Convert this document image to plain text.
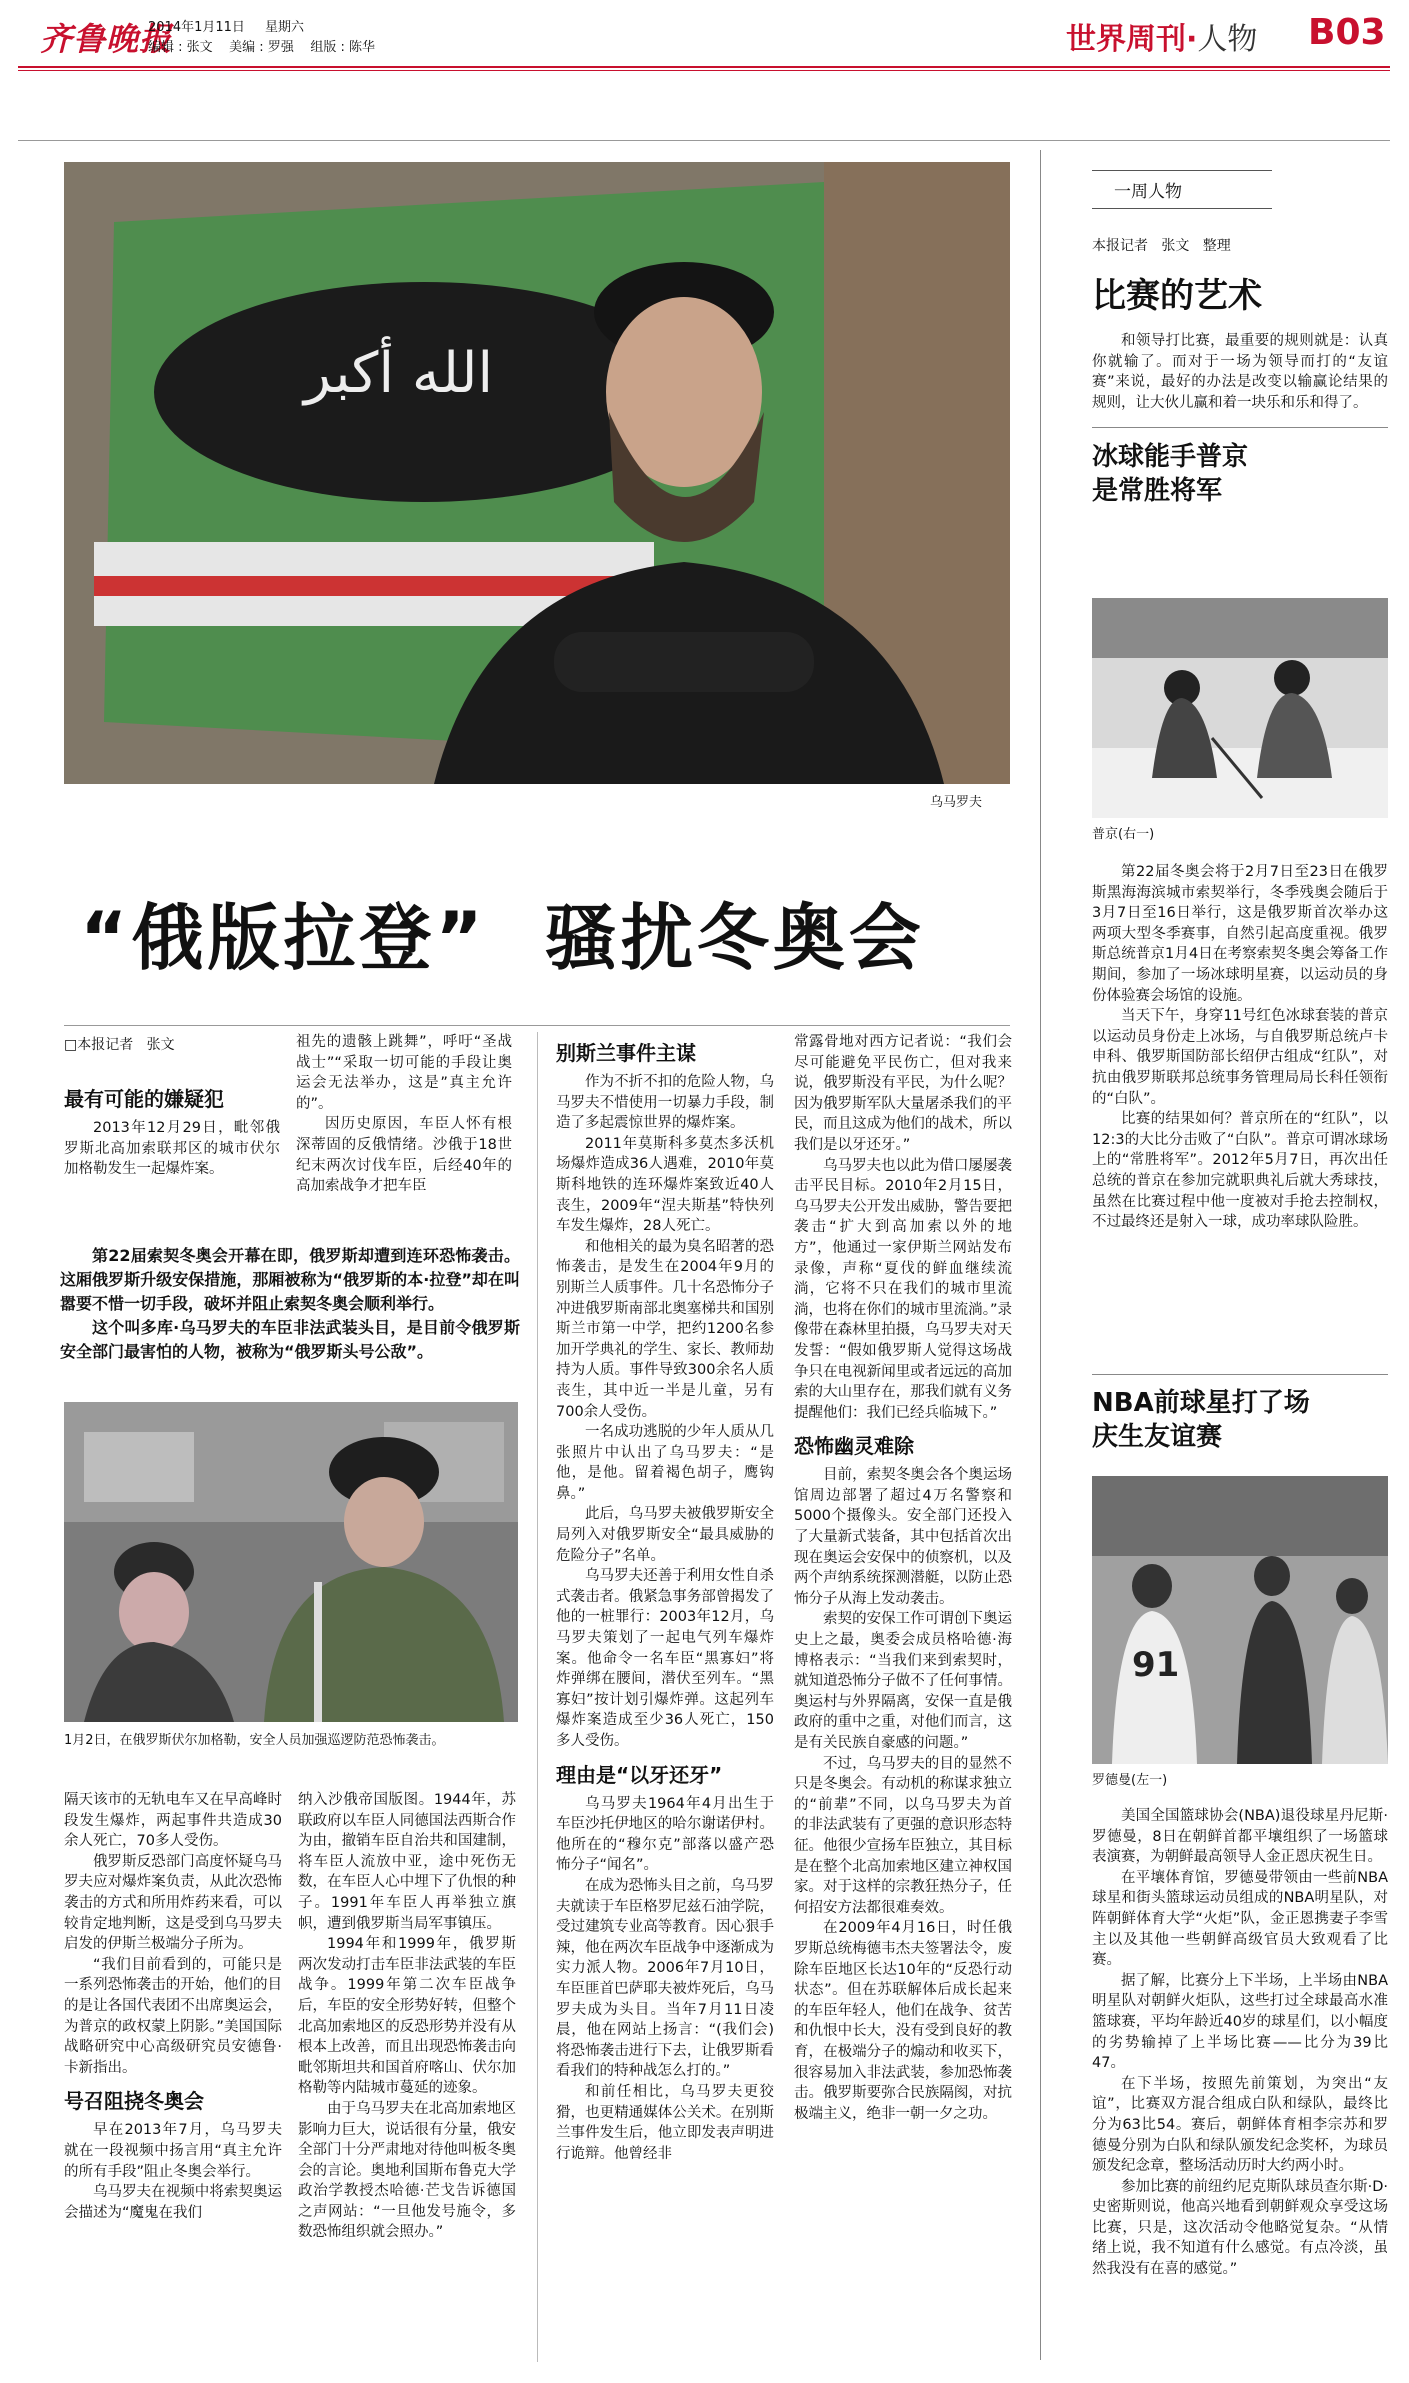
齐鲁晚报
2014年1月11日 星期六
编辑 : 张文    美编 : 罗强    组版 : 陈华	世界周刊·人物 B03
الله أكبر
乌马罗夫
“俄版拉登”  骚扰冬奥会
□本报记者   张文
最有可能的嫌疑犯

2013年12月29日，毗邻俄罗斯北高加索联邦区的城市伏尔加格勒发生一起爆炸案。

祖先的遗骸上跳舞”，呼吁“圣战战士”“采取一切可能的手段让奥运会无法举办，这是”真主允许的”。

因历史原因，车臣人怀有根深蒂固的反俄情绪。沙俄于18世纪末两次讨伐车臣，后经40年的高加索战争才把车臣

第22届索契冬奥会开幕在即，俄罗斯却遭到连环恐怖袭击。这厢俄罗斯升级安保措施，那厢被称为“俄罗斯的本·拉登”却在叫嚣要不惜一切手段，破坏并阻止索契冬奥会顺利举行。

这个叫多库·乌马罗夫的车臣非法武装头目，是目前令俄罗斯安全部门最害怕的人物，被称为“俄罗斯头号公敌”。

1月2日，在俄罗斯伏尔加格勒，安全人员加强巡逻防范恐怖袭击。

隔天该市的无轨电车又在早高峰时段发生爆炸，两起事件共造成30余人死亡，70多人受伤。

俄罗斯反恐部门高度怀疑乌马罗夫应对爆炸案负责，从此次恐怖袭击的方式和所用炸药来看，可以较肯定地判断，这是受到乌马罗夫启发的伊斯兰极端分子所为。

“我们目前看到的，可能只是一系列恐怖袭击的开始，他们的目的是让各国代表团不出席奥运会，为普京的政权蒙上阴影。”美国国际战略研究中心高级研究员安德鲁·卡新指出。

号召阻挠冬奥会

早在2013年7月，乌马罗夫就在一段视频中扬言用“真主允许的所有手段”阻止冬奥会举行。

乌马罗夫在视频中将索契奥运会描述为“魔鬼在我们

纳入沙俄帝国版图。1944年，苏联政府以车臣人同德国法西斯合作为由，撤销车臣自治共和国建制，将车臣人流放中亚，途中死伤无数，在车臣人心中埋下了仇恨的种子。1991年车臣人再举独立旗帜，遭到俄罗斯当局军事镇压。

1994年和1999年，俄罗斯两次发动打击车臣非法武装的车臣战争。1999年第二次车臣战争后，车臣的安全形势好转，但整个北高加索地区的反恐形势并没有从根本上改善，而且出现恐怖袭击向毗邻斯坦共和国首府喀山、伏尔加格勒等内陆城市蔓延的迹象。

由于乌马罗夫在北高加索地区影响力巨大，说话很有分量，俄安全部门十分严肃地对待他叫板冬奥会的言论。奥地利国斯布鲁克大学政治学教授杰哈德·芒戈告诉德国之声网站：“一旦他发号施令，多数恐怖组织就会照办。”

别斯兰事件主谋

作为不折不扣的危险人物，乌马罗夫不惜使用一切暴力手段，制造了多起震惊世界的爆炸案。

2011年莫斯科多莫杰多沃机场爆炸造成36人遇难，2010年莫斯科地铁的连环爆炸案致近40人丧生，2009年“涅夫斯基”特快列车发生爆炸，28人死亡。

和他相关的最为臭名昭著的恐怖袭击，是发生在2004年9月的别斯兰人质事件。几十名恐怖分子冲进俄罗斯南部北奥塞梯共和国别斯兰市第一中学，把约1200名参加开学典礼的学生、家长、教师劫持为人质。事件导致300余名人质丧生，其中近一半是儿童，另有700余人受伤。

一名成功逃脱的少年人质从几张照片中认出了乌马罗夫：“是他，是他。留着褐色胡子，鹰钩鼻。”

此后，乌马罗夫被俄罗斯安全局列入对俄罗斯安全“最具威胁的危险分子”名单。

乌马罗夫还善于利用女性自杀式袭击者。俄紧急事务部曾揭发了他的一桩罪行：2003年12月，乌马罗夫策划了一起电气列车爆炸案。他命令一名车臣“黑寡妇”将炸弹绑在腰间，潜伏至列车。“黑寡妇”按计划引爆炸弹。这起列车爆炸案造成至少36人死亡，150多人受伤。

理由是“以牙还牙”

乌马罗夫1964年4月出生于车臣沙托伊地区的哈尔谢诺伊村。他所在的“穆尔克”部落以盛产恐怖分子“闻名”。

在成为恐怖头目之前，乌马罗夫就读于车臣格罗尼兹石油学院，受过建筑专业高等教育。因心狠手辣，他在两次车臣战争中逐渐成为实力派人物。2006年7月10日，车臣匪首巴萨耶夫被炸死后，乌马罗夫成为头目。当年7月11日凌晨，他在网站上扬言：“(我们会)将恐怖袭击进行下去，让俄罗斯看看我们的特种战怎么打的。”

和前任相比，乌马罗夫更狡猾，也更精通媒体公关术。在别斯兰事件发生后，他立即发表声明进行诡辩。他曾经非

常露骨地对西方记者说：“我们会尽可能避免平民伤亡，但对我来说，俄罗斯没有平民，为什么呢？因为俄罗斯军队大量屠杀我们的平民，而且这成为他们的战术，所以我们是以牙还牙。”

乌马罗夫也以此为借口屡屡袭击平民目标。2010年2月15日，乌马罗夫公开发出威胁，警告要把袭击“扩大到高加索以外的地方”，他通过一家伊斯兰网站发布录像，声称“夏伐的鲜血继续流淌，它将不只在我们的城市里流淌，也将在你们的城市里流淌。”录像带在森林里拍摄，乌马罗夫对天发誓：“假如俄罗斯人觉得这场战争只在电视新闻里或者远远的高加索的大山里存在，那我们就有义务提醒他们：我们已经兵临城下。”

恐怖幽灵难除

目前，索契冬奥会各个奥运场馆周边部署了超过4万名警察和5000个摄像头。安全部门还投入了大量新式装备，其中包括首次出现在奥运会安保中的侦察机，以及两个声纳系统探测潜艇，以防止恐怖分子从海上发动袭击。

索契的安保工作可谓创下奥运史上之最，奥委会成员格哈德·海博格表示：“当我们来到索契时，就知道恐怖分子做不了任何事情。奥运村与外界隔离，安保一直是俄政府的重中之重，对他们而言，这是有关民族自豪感的问题。”

不过，乌马罗夫的目的显然不只是冬奥会。有动机的称谋求独立的“前辈”不同，以乌马罗夫为首的非法武装有了更强的意识形态特征。他很少宣扬车臣独立，其目标是在整个北高加索地区建立神权国家。对于这样的宗教狂热分子，任何招安方法都很难奏效。

在2009年4月16日，时任俄罗斯总统梅德韦杰夫签署法令，废除车臣地区长达10年的“反恐行动状态”。但在苏联解体后成长起来的车臣年轻人，他们在战争、贫苦和仇恨中长大，没有受到良好的教育，在极端分子的煽动和收买下，很容易加入非法武装，参加恐怖袭击。俄罗斯要弥合民族隔阂，对抗极端主义，绝非一朝一夕之功。

一周人物
本报记者   张文   整理
比赛的艺术

和领导打比赛，最重要的规则就是：认真你就输了。而对于一场为领导而打的“友谊赛”来说，最好的办法是改变以输赢论结果的规则，让大伙儿赢和着一块乐和乐和得了。

冰球能手普京
是常胜将军
普京(右一)

第22届冬奥会将于2月7日至23日在俄罗斯黑海海滨城市索契举行，冬季残奥会随后于3月7日至16日举行，这是俄罗斯首次举办这两项大型冬季赛事，自然引起高度重视。俄罗斯总统普京1月4日在考察索契冬奥会筹备工作期间，参加了一场冰球明星赛，以运动员的身份体验赛会场馆的设施。

当天下午，身穿11号红色冰球套装的普京以运动员身份走上冰场，与自俄罗斯总统卢卡申科、俄罗斯国防部长绍伊古组成“红队”，对抗由俄罗斯联邦总统事务管理局局长科任领衔的“白队”。

比赛的结果如何？普京所在的“红队”，以12:3的大比分击败了“白队”。普京可谓冰球场上的“常胜将军”。2012年5月7日，再次出任总统的普京在参加完就职典礼后就大秀球技，虽然在比赛过程中他一度被对手抢去控制权，不过最终还是射入一球，成功率球队险胜。

NBA前球星打了场
庆生友谊赛
91
罗德曼(左一)

美国全国篮球协会(NBA)退役球星丹尼斯·罗德曼，8日在朝鲜首都平壤组织了一场篮球表演赛，为朝鲜最高领导人金正恩庆祝生日。

在平壤体育馆，罗德曼带领由一些前NBA球星和街头篮球运动员组成的NBA明星队，对阵朝鲜体育大学“火炬”队，金正恩携妻子李雪主以及其他一些朝鲜高级官员大致观看了比赛。

据了解，比赛分上下半场，上半场由NBA明星队对朝鲜火炬队，这些打过全球最高水准篮球赛，平均年龄近40岁的球星们，以小幅度的劣势输掉了上半场比赛——比分为39比47。

在下半场，按照先前策划，为突出“友谊”，比赛双方混合组成白队和绿队，最终比分为63比54。赛后，朝鲜体育相李宗苏和罗德曼分别为白队和绿队颁发纪念奖杯，为球员颁发纪念章，整场活动历时大约两小时。

参加比赛的前纽约尼克斯队球员查尔斯·D·史密斯则说，他高兴地看到朝鲜观众享受这场比赛，只是，这次活动令他略觉复杂。“从情绪上说，我不知道有什么感觉。有点冷淡，虽然我没有在喜的感觉。”
